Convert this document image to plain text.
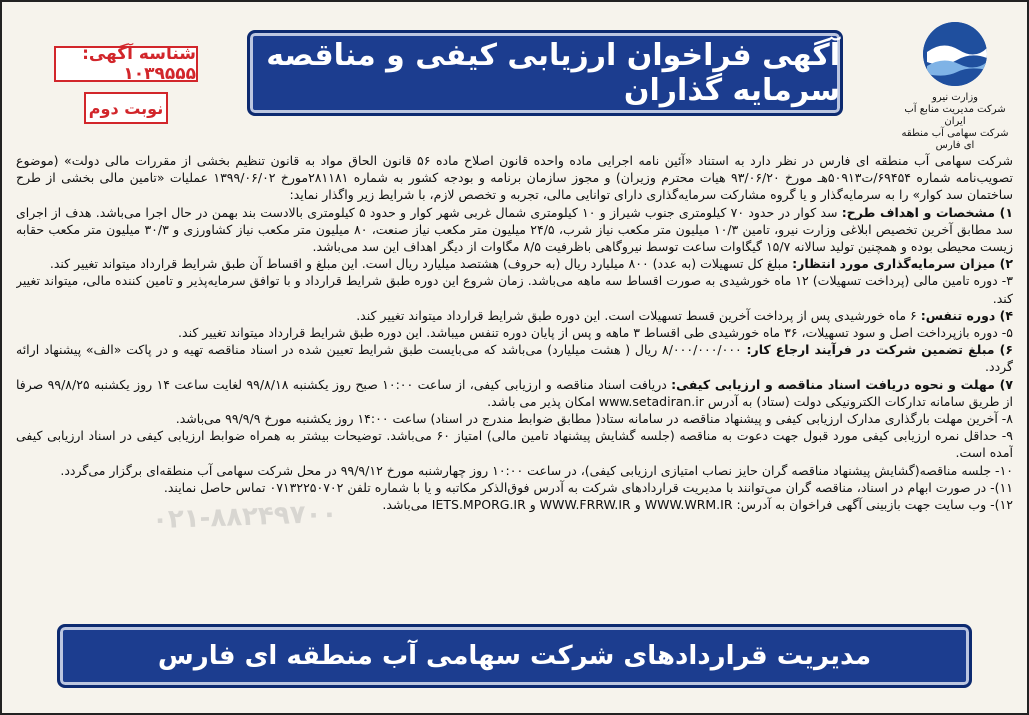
وزارت نیرو
شرکت مدیریت منابع آب ایران
شرکت سهامی آب منطقه ای فارس
آگهی فراخوان ارزیابی کیفی و مناقصه سرمایه گذاران
شناسه آگهی: ۱۰۳۹۵۵۵
نوبت دوم

شرکت سهامی آب منطقه ای فارس در نظر دارد به استناد «آئین نامه اجرایی ماده واحده قانون اصلاح ماده ۵۶ قانون الحاق مواد به قانون تنظیم بخشی از مقررات مالی دولت» (موضوع تصویب‌نامه شماره ۶۹۴۵۴/ت۵۰۹۱۳هـ مورخ ۹۳/۰۶/۲۰ هیات محترم وزیران) و مجوز سازمان برنامه و بودجه کشور به شماره ۲۸۱۱۸۱مورخ ۱۳۹۹/۰۶/۰۲ عملیات «تامین مالی بخشی از طرح ساختمان سد کوار» را به سرمایه‌گذار و یا گروه مشارکت سرمایه‌گذاری دارای توانایی مالی، تجربه و تخصص لازم، با شرایط زیر واگذار نماید:

۱) مشخصات و اهداف طرح: سد کوار در حدود ۷۰ کیلومتری جنوب شیراز و ۱۰ کیلومتری شمال غربی شهر کوار و حدود ۵ کیلومتری بالادست بند بهمن در حال اجرا می‌باشد. هدف از اجرای سد مطابق آخرین تخصیص ابلاغی وزارت نیرو، تامین ۱۰/۳ میلیون متر مکعب نیاز شرب، ۲۴/۵ میلیون متر مکعب نیاز صنعت، ۸۰ میلیون متر مکعب نیاز کشاورزی و ۳۰/۳ میلیون متر مکعب حقابه زیست محیطی بوده و همچنین تولید سالانه ۱۵/۷ گیگاوات ساعت توسط نیروگاهی باظرفیت ۸/۵ مگاوات از دیگر اهداف این سد می‌باشد.

۲) میزان سرمایه‌گذاری مورد انتظار: مبلغ کل تسهیلات (به عدد) ۸۰۰ میلیارد ریال (به حروف) هشتصد میلیارد ریال است. این مبلغ و اقساط آن طبق شرایط قرارداد میتواند تغییر کند.

۳- دوره تامین مالی (پرداخت تسهیلات) ۱۲ ماه خورشیدی به صورت اقساط سه ماهه می‌باشد. زمان شروع این دوره طبق شرایط قرارداد و با توافق سرمایه‌پذیر و تامین کننده مالی، میتواند تغییر کند.

۴) دوره تنفس: ۶ ماه خورشیدی پس از پرداخت آخرین قسط تسهیلات است. این دوره طبق شرایط قرارداد میتواند تغییر کند.

۵- دوره بازپرداخت اصل و سود تسهیلات، ۳۶ ماه خورشیدی طی اقساط ۳ ماهه و پس از پایان دوره تنفس میباشد. این دوره طبق شرایط قرارداد میتواند تغییر کند.

۶) مبلغ تضمین شرکت در فرآیند ارجاع کار: ۸/۰۰۰/۰۰۰/۰۰۰ ریال ( هشت میلیارد) می‌باشد که می‌بایست طبق شرایط تعیین شده در اسناد مناقصه تهیه و در پاکت «الف» پیشنهاد ارائه گردد.

۷) مهلت و نحوه دریافت اسناد مناقصه و ارزیابی کیفی: دریافت اسناد مناقصه و ارزیابی کیفی، از ساعت ۱۰:۰۰ صبح روز یکشنبه ۹۹/۸/۱۸ لغایت ساعت ۱۴ روز یکشنبه ۹۹/۸/۲۵ صرفا از طریق سامانه تدارکات الکترونیکی دولت (ستاد) به آدرس www.setadiran.ir امکان پذیر می باشد.

۸- آخرین مهلت بارگذاری مدارک ارزیابی کیفی و پیشنهاد مناقصه در سامانه ستاد( مطابق ضوابط مندرج در اسناد) ساعت ۱۴:۰۰ روز یکشنبه مورخ ۹۹/۹/۹ می‌باشد.

۹- حداقل نمره ارزیابی کیفی مورد قبول جهت دعوت به مناقصه (جلسه گشایش پیشنهاد تامین مالی) امتیاز ۶۰ می‌باشد. توضیحات بیشتر به همراه ضوابط ارزیابی کیفی در اسناد ارزیابی کیفی آمده است.

۱۰- جلسه مناقصه(گشایش پیشنهاد مناقصه گران حایز نصاب امتیازی ارزیابی کیفی)، در ساعت ۱۰:۰۰ روز چهارشنبه مورخ ۹۹/۹/۱۲ در محل شرکت سهامی آب منطقه‌ای برگزار می‌گردد.

۱۱)- در صورت ابهام در اسناد، مناقصه گران می‌توانند با مدیریت قراردادهای شرکت به آدرس فوق‌الذکر مکاتبه و یا با شماره تلفن ۰۷۱۳۲۲۵۰۷۰۲ تماس حاصل نمایند.

۱۲)- وب سایت جهت بازبینی آگهی فراخوان به آدرس: WWW.WRM.IR و WWW.FRRW.IR و IETS.MPORG.IR می‌باشد.

۰۲۱-۸۸۲۴۹۷۰۰
مدیریت قراردادهای شرکت سهامی آب منطقه ای فارس
